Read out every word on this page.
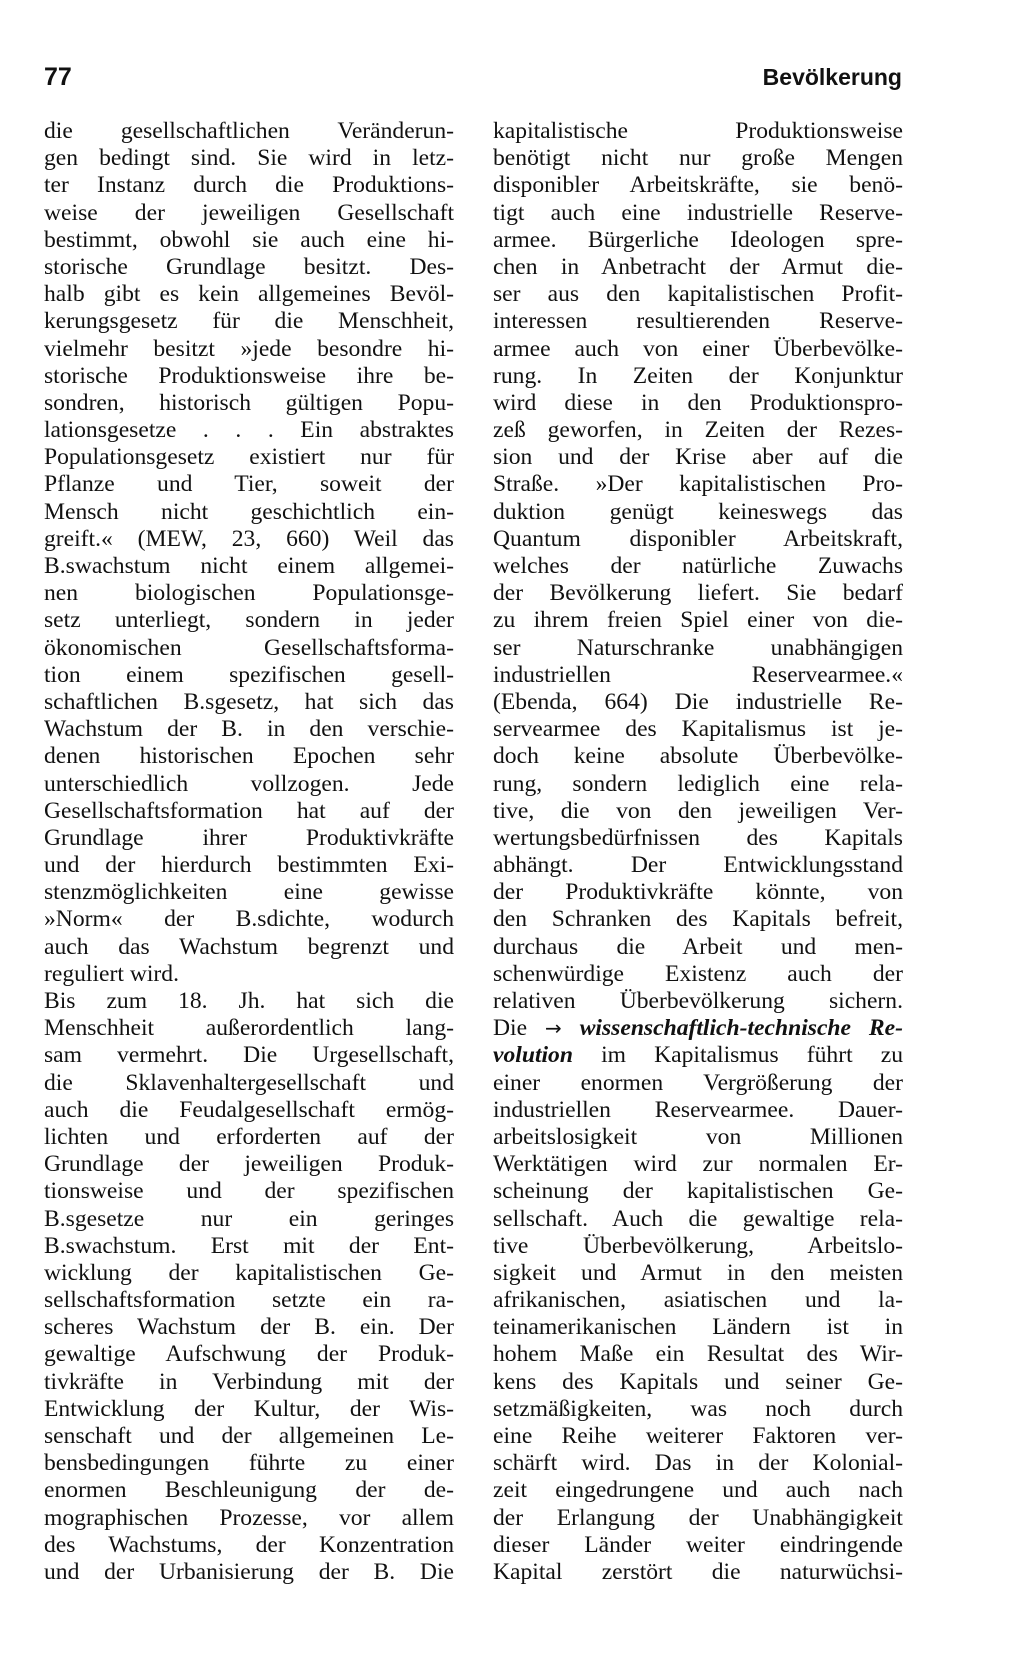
77	Bevölkerung
die gesellschaftlichen Veränderun-
gen bedingt sind. Sie wird in letz-
ter Instanz durch die Produktions-
weise der jeweiligen Gesellschaft
bestimmt, obwohl sie auch eine hi-
storische Grundlage besitzt. Des-
halb gibt es kein allgemeines Bevöl-
kerungsgesetz für die Menschheit,
vielmehr besitzt »jede besondre hi-
storische Produktionsweise ihre be-
sondren, historisch gültigen Popu-
lationsgesetze . . . Ein abstraktes
Populationsgesetz existiert nur für
Pflanze und Tier, soweit der
Mensch nicht geschichtlich ein-
greift.« (MEW, 23, 660) Weil das
B.swachstum nicht einem allgemei-
nen biologischen Populationsge-
setz unterliegt, sondern in jeder
ökonomischen Gesellschaftsforma-
tion einem spezifischen gesell-
schaftlichen B.sgesetz, hat sich das
Wachstum der B. in den verschie-
denen historischen Epochen sehr
unterschiedlich vollzogen. Jede
Gesellschaftsformation hat auf der
Grundlage ihrer Produktivkräfte
und der hierdurch bestimmten Exi-
stenzmöglichkeiten eine gewisse
»Norm« der B.sdichte, wodurch
auch das Wachstum begrenzt und
reguliert wird.
Bis zum 18. Jh. hat sich die
Menschheit außerordentlich lang-
sam vermehrt. Die Urgesellschaft,
die Sklavenhaltergesellschaft und
auch die Feudalgesellschaft ermög-
lichten und erforderten auf der
Grundlage der jeweiligen Produk-
tionsweise und der spezifischen
B.sgesetze nur ein geringes
B.swachstum. Erst mit der Ent-
wicklung der kapitalistischen Ge-
sellschaftsformation setzte ein ra-
scheres Wachstum der B. ein. Der
gewaltige Aufschwung der Produk-
tivkräfte in Verbindung mit der
Entwicklung der Kultur, der Wis-
senschaft und der allgemeinen Le-
bensbedingungen führte zu einer
enormen Beschleunigung der de-
mographischen Prozesse, vor allem
des Wachstums, der Konzentration
und der Urbanisierung der B. Die
kapitalistische Produktionsweise
benötigt nicht nur große Mengen
disponibler Arbeitskräfte, sie benö-
tigt auch eine industrielle Reserve-
armee. Bürgerliche Ideologen spre-
chen in Anbetracht der Armut die-
ser aus den kapitalistischen Profit-
interessen resultierenden Reserve-
armee auch von einer Überbevölke-
rung. In Zeiten der Konjunktur
wird diese in den Produktionspro-
zeß geworfen, in Zeiten der Rezes-
sion und der Krise aber auf die
Straße. »Der kapitalistischen Pro-
duktion genügt keineswegs das
Quantum disponibler Arbeitskraft,
welches der natürliche Zuwachs
der Bevölkerung liefert. Sie bedarf
zu ihrem freien Spiel einer von die-
ser Naturschranke unabhängigen
industriellen Reservearmee.«
(Ebenda, 664) Die industrielle Re-
servearmee des Kapitalismus ist je-
doch keine absolute Überbevölke-
rung, sondern lediglich eine rela-
tive, die von den jeweiligen Ver-
wertungsbedürfnissen des Kapitals
abhängt. Der Entwicklungsstand
der Produktivkräfte könnte, von
den Schranken des Kapitals befreit,
durchaus die Arbeit und men-
schenwürdige Existenz auch der
relativen Überbevölkerung sichern.
Die → wissenschaftlich-technische Re-
volution im Kapitalismus führt zu
einer enormen Vergrößerung der
industriellen Reservearmee. Dauer-
arbeitslosigkeit von Millionen
Werktätigen wird zur normalen Er-
scheinung der kapitalistischen Ge-
sellschaft. Auch die gewaltige rela-
tive Überbevölkerung, Arbeitslo-
sigkeit und Armut in den meisten
afrikanischen, asiatischen und la-
teinamerikanischen Ländern ist in
hohem Maße ein Resultat des Wir-
kens des Kapitals und seiner Ge-
setzmäßigkeiten, was noch durch
eine Reihe weiterer Faktoren ver-
schärft wird. Das in der Kolonial-
zeit eingedrungene und auch nach
der Erlangung der Unabhängigkeit
dieser Länder weiter eindringende
Kapital zerstört die naturwüchsi-
